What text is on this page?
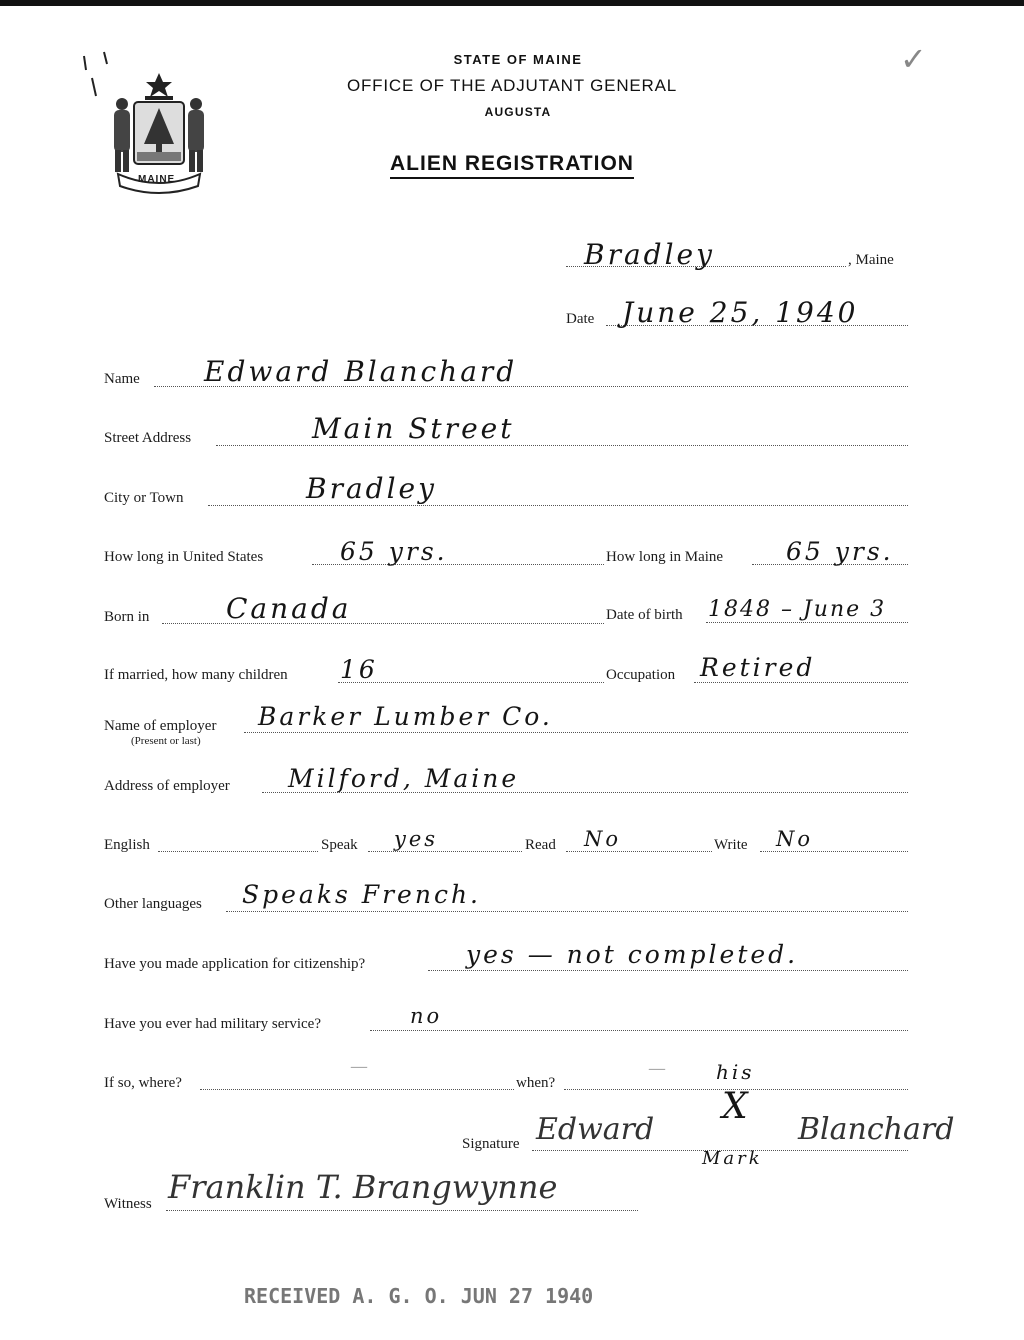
MAINE
✓
STATE OF MAINE
OFFICE OF THE ADJUTANT GENERAL
AUGUSTA
ALIEN REGISTRATION
Bradley	, Maine
Date June 25, 1940
Name Edward Blanchard
Street Address	Main Street
City or Town	Bradley
How long in United States	65 yrs.	How long in Maine	65 yrs.
Born in	Canada	Date of birth 1848 – June 3
If married, how many children 16	Occupation Retired
Name of employer
(Present or last)
Barker Lumber Co.
Address of employer Milford, Maine
English	Speak yes	Read No	Write No
Other languages Speaks French.
Have you made application for citizenship?	yes — not completed.
Have you ever had military service?	no
If so, where?
—
when?
—
Signature Edward
his
X
Mark
Blanchard
Witness Franklin T. Brangwynne
RECEIVED A. G. O. JUN 27 1940
